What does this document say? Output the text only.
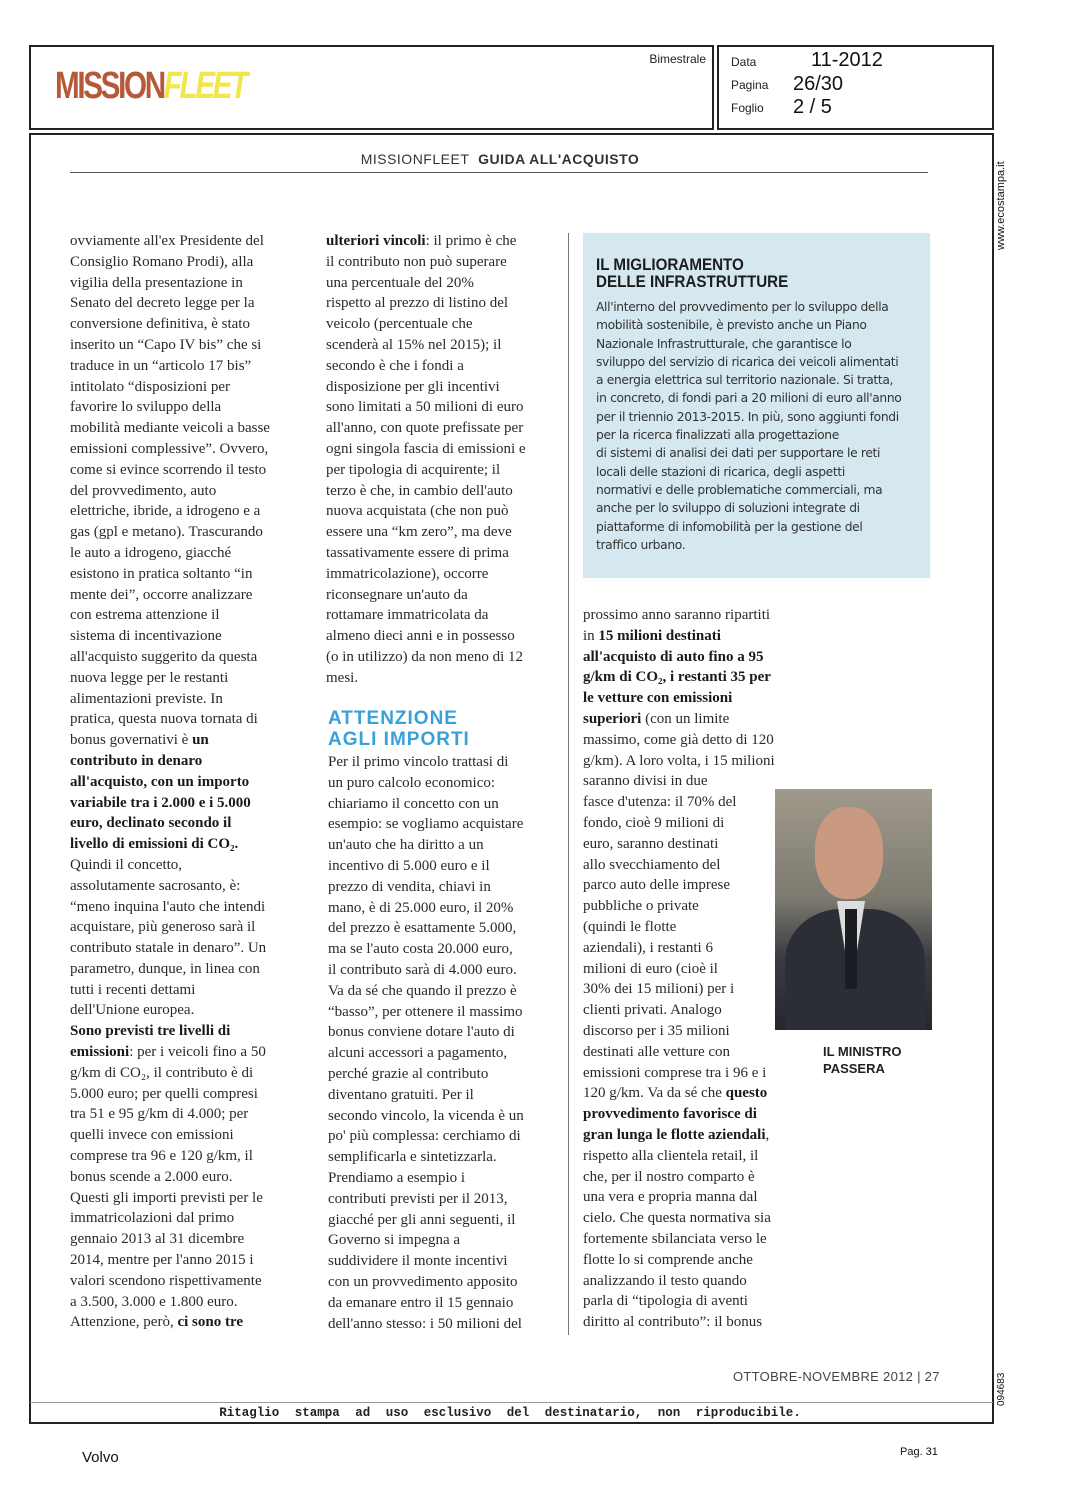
MISSIONFLEET
Bimestrale Data	11-2012
Pagina 26/30
Foglio 2 / 5
MISSIONFLEET GUIDA ALL'ACQUISTO
ovviamente all'ex Presidente del
Consiglio Romano Prodi), alla
vigilia della presentazione in
Senato del decreto legge per la
conversione definitiva, è stato
inserito un “Capo IV bis” che si
traduce in un “articolo 17 bis”
intitolato “disposizioni per
favorire lo sviluppo della
mobilità mediante veicoli a basse
emissioni complessive”. Ovvero,
come si evince scorrendo il testo
del provvedimento, auto
elettriche, ibride, a idrogeno e a
gas (gpl e metano). Trascurando
le auto a idrogeno, giacché
esistono in pratica soltanto “in
mente dei”, occorre analizzare
con estrema attenzione il
sistema di incentivazione
all'acquisto suggerito da questa
nuova legge per le restanti
alimentazioni previste. In
pratica, questa nuova tornata di
bonus governativi è un
contributo in denaro
all'acquisto, con un importo
variabile tra i 2.000 e i 5.000
euro, declinato secondo il
livello di emissioni di CO₂.
Quindi il concetto,
assolutamente sacrosanto, è:
“meno inquina l'auto che intendi
acquistare, più generoso sarà il
contributo statale in denaro”. Un
parametro, dunque, in linea con
tutti i recenti dettami
dell'Unione europea.
Sono previsti tre livelli di
emissioni: per i veicoli fino a 50
g/km di CO₂, il contributo è di
5.000 euro; per quelli compresi
tra 51 e 95 g/km di 4.000; per
quelli invece con emissioni
comprese tra 96 e 120 g/km, il
bonus scende a 2.000 euro.
Questi gli importi previsti per le
immatricolazioni dal primo
gennaio 2013 al 31 dicembre
2014, mentre per l'anno 2015 i
valori scendono rispettivamente
a 3.500, 3.000 e 1.800 euro.
Attenzione, però, ci sono tre
ulteriori vincoli: il primo è che
il contributo non può superare
una percentuale del 20%
rispetto al prezzo di listino del
veicolo (percentuale che
scenderà al 15% nel 2015); il
secondo è che i fondi a
disposizione per gli incentivi
sono limitati a 50 milioni di euro
all'anno, con quote prefissate per
ogni singola fascia di emissioni e
per tipologia di acquirente; il
terzo è che, in cambio dell'auto
nuova acquistata (che non può
essere una “km zero”, ma deve
tassativamente essere di prima
immatricolazione), occorre
riconsegnare un'auto da
rottamare immatricolata da
almeno dieci anni e in possesso
(o in utilizzo) da non meno di 12
mesi.
ATTENZIONE
AGLI IMPORTI
Per il primo vincolo trattasi di
un puro calcolo economico:
chiariamo il concetto con un
esempio: se vogliamo acquistare
un'auto che ha diritto a un
incentivo di 5.000 euro e il
prezzo di vendita, chiavi in
mano, è di 25.000 euro, il 20%
del prezzo è esattamente 5.000,
ma se l'auto costa 20.000 euro,
il contributo sarà di 4.000 euro.
Va da sé che quando il prezzo è
“basso”, per ottenere il massimo
bonus conviene dotare l'auto di
alcuni accessori a pagamento,
perché grazie al contributo
diventano gratuiti. Per il
secondo vincolo, la vicenda è un
po' più complessa: cerchiamo di
semplificarla e sintetizzarla.
Prendiamo a esempio i
contributi previsti per il 2013,
giacché per gli anni seguenti, il
Governo si impegna a
suddividere il monte incentivi
con un provvedimento apposito
da emanare entro il 15 gennaio
dell'anno stesso: i 50 milioni del
IL MIGLIORAMENTO
DELLE INFRASTRUTTURE
All'interno del provvedimento per lo sviluppo della
mobilità sostenibile, è previsto anche un Piano
Nazionale Infrastrutturale, che garantisce lo
sviluppo del servizio di ricarica dei veicoli alimentati
a energia elettrica sul territorio nazionale. Si tratta,
in concreto, di fondi pari a 20 milioni di euro all'anno
per il triennio 2013-2015. In più, sono aggiunti fondi
per la ricerca finalizzati alla progettazione
di sistemi di analisi dei dati per supportare le reti
locali delle stazioni di ricarica, degli aspetti
normativi e delle problematiche commerciali, ma
anche per lo sviluppo di soluzioni integrate di
piattaforme di infomobilità per la gestione del
traffico urbano.
prossimo anno saranno ripartiti
in 15 milioni destinati
all'acquisto di auto fino a 95
g/km di CO₂, i restanti 35 per
le vetture con emissioni
superiori (con un limite
massimo, come già detto di 120
g/km). A loro volta, i 15 milioni
saranno divisi in due
fasce d'utenza: il 70% del
fondo, cioè 9 milioni di
euro, saranno destinati
allo svecchiamento del
parco auto delle imprese
pubbliche o private
(quindi le flotte
aziendali), i restanti 6
milioni di euro (cioè il
30% dei 15 milioni) per i
clienti privati. Analogo
discorso per i 35 milioni
destinati alle vetture con
emissioni comprese tra i 96 e i
120 g/km. Va da sé che questo
provvedimento favorisce di
gran lunga le flotte aziendali,
rispetto alla clientela retail, il
che, per il nostro comparto è
una vera e propria manna dal
cielo. Che questa normativa sia
fortemente sbilanciata verso le
flotte lo si comprende anche
analizzando il testo quando
parla di “tipologia di aventi
diritto al contributo”: il bonus
IL MINISTRO
PASSERA
OTTOBRE-NOVEMBRE 2012 | 27
Ritaglio stampa ad uso esclusivo del destinatario, non riproducibile.
Volvo	Pag. 31
www.ecostampa.it
094683
